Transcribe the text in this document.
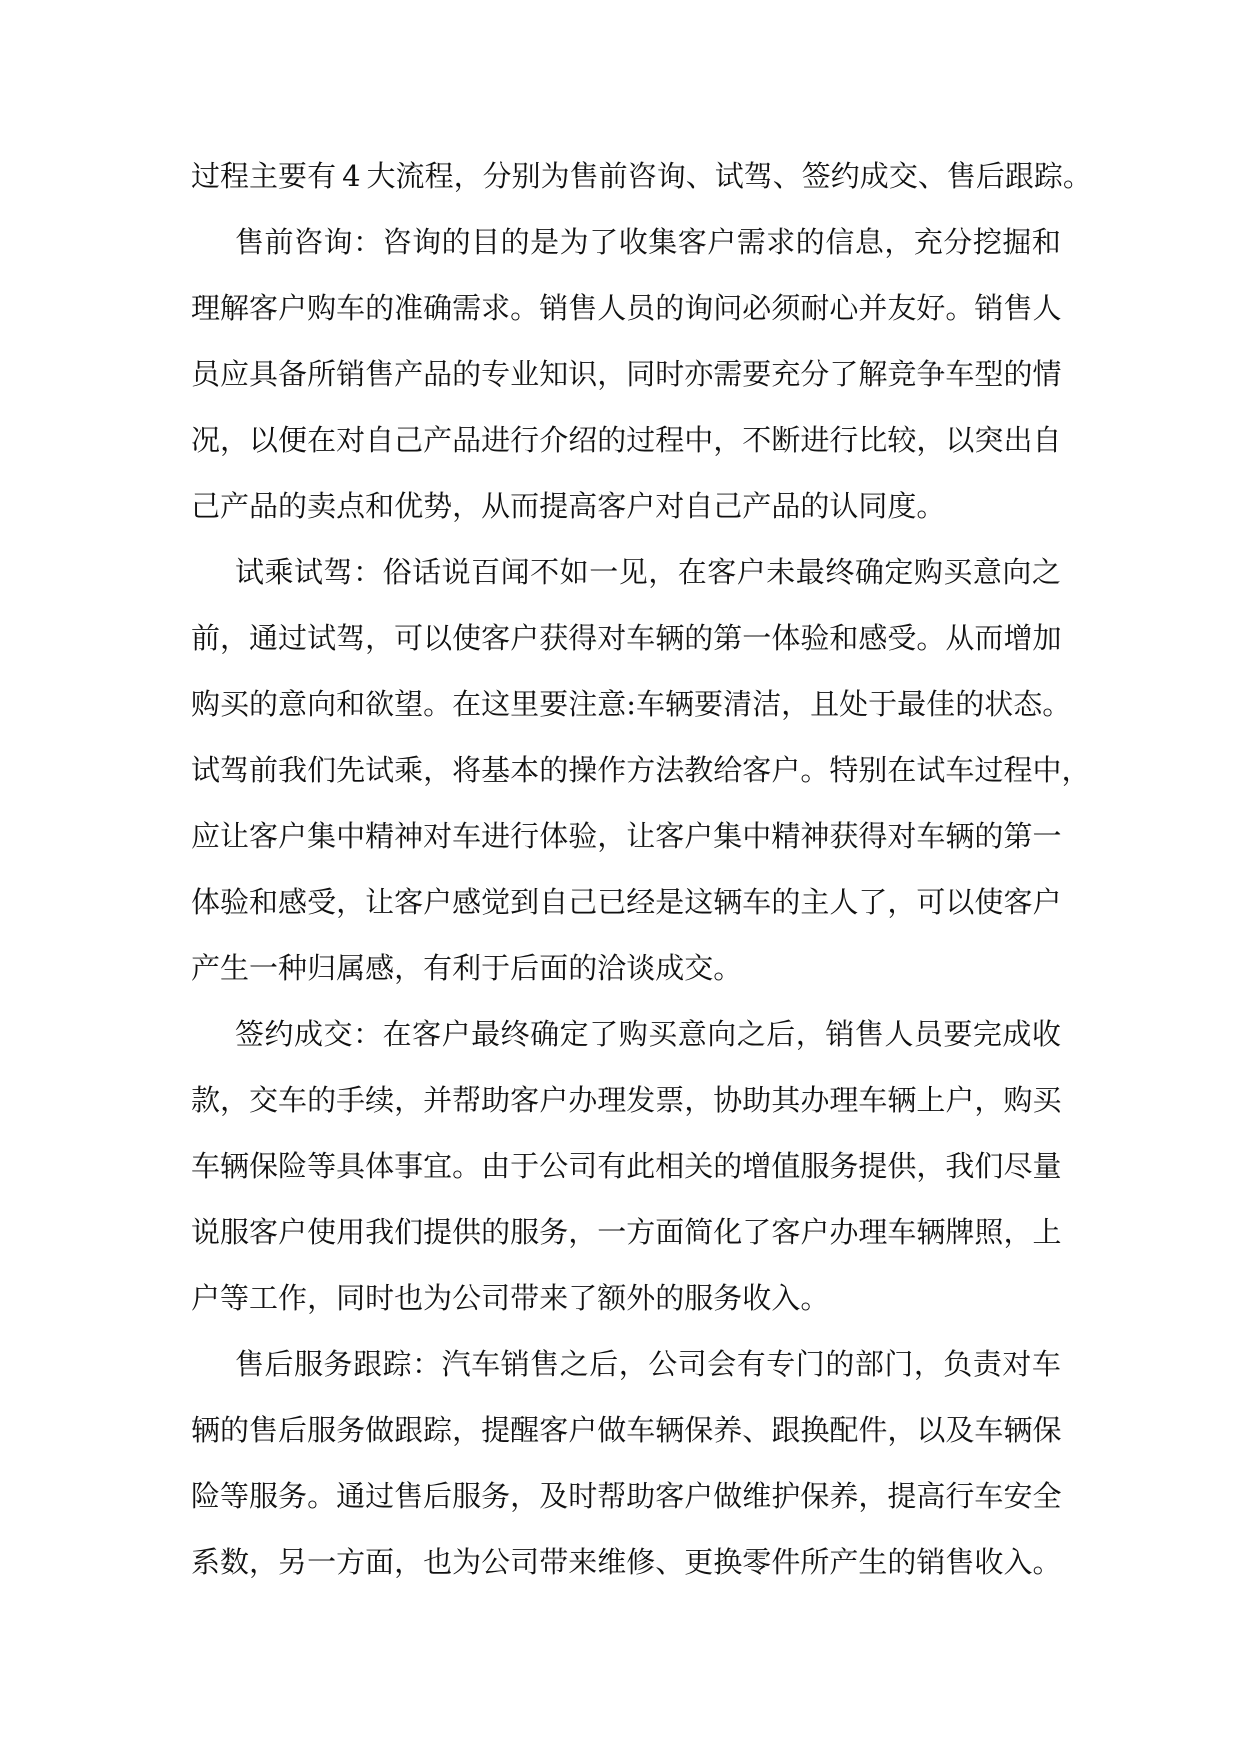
过 程 主 要 有 4 大 流 程 ， 分 别 为 售 前 咨 询 、 试 驾 、 签 约 成 交 、 售 后 跟 踪 。
售 前 咨 询 ： 咨 询 的 目 的 是 为 了 收 集 客 户 需 求 的 信 息 ， 充 分 挖 掘 和
理 解 客 户 购 车 的 准 确 需 求 。 销 售 人 员 的 询 问 必 须 耐 心 并 友 好 。 销 售 人
员 应 具 备 所 销 售 产 品 的 专 业 知 识 ， 同 时 亦 需 要 充 分 了 解 竞 争 车 型 的 情
况 ， 以 便 在 对 自 己 产 品 进 行 介 绍 的 过 程 中 ， 不 断 进 行 比 较 ， 以 突 出 自
己 产 品 的 卖 点 和 优 势 ， 从 而 提 高 客 户 对 自 己 产 品 的 认 同 度 。
试 乘 试 驾 ： 俗 话 说 百 闻 不 如 一 见 ， 在 客 户 未 最 终 确 定 购 买 意 向 之
前 ， 通 过 试 驾 ， 可 以 使 客 户 获 得 对 车 辆 的 第 一 体 验 和 感 受 。 从 而 增 加
购 买 的 意 向 和 欲 望 。 在 这 里 要 注 意 : 车 辆 要 清 洁 ， 且 处 于 最 佳 的 状 态 。
试 驾 前 我 们 先 试 乘 ， 将 基 本 的 操 作 方 法 教 给 客 户 。 特 别 在 试 车 过 程 中 ，
应 让 客 户 集 中 精 神 对 车 进 行 体 验 ， 让 客 户 集 中 精 神 获 得 对 车 辆 的 第 一
体 验 和 感 受 ， 让 客 户 感 觉 到 自 己 已 经 是 这 辆 车 的 主 人 了 ， 可 以 使 客 户
产 生 一 种 归 属 感 ， 有 利 于 后 面 的 洽 谈 成 交 。
签 约 成 交 ： 在 客 户 最 终 确 定 了 购 买 意 向 之 后 ， 销 售 人 员 要 完 成 收
款 ， 交 车 的 手 续 ， 并 帮 助 客 户 办 理 发 票 ， 协 助 其 办 理 车 辆 上 户 ， 购 买
车 辆 保 险 等 具 体 事 宜 。 由 于 公 司 有 此 相 关 的 增 值 服 务 提 供 ， 我 们 尽 量
说 服 客 户 使 用 我 们 提 供 的 服 务 ， 一 方 面 简 化 了 客 户 办 理 车 辆 牌 照 ， 上
户 等 工 作 ， 同 时 也 为 公 司 带 来 了 额 外 的 服 务 收 入 。
售 后 服 务 跟 踪 ： 汽 车 销 售 之 后 ， 公 司 会 有 专 门 的 部 门 ， 负 责 对 车
辆 的 售 后 服 务 做 跟 踪 ， 提 醒 客 户 做 车 辆 保 养 、 跟 换 配 件 ， 以 及 车 辆 保
险 等 服 务 。 通 过 售 后 服 务 ， 及 时 帮 助 客 户 做 维 护 保 养 ， 提 高 行 车 安 全
系 数 ， 另 一 方 面 ， 也 为 公 司 带 来 维 修 、 更 换 零 件 所 产 生 的 销 售 收 入 。
